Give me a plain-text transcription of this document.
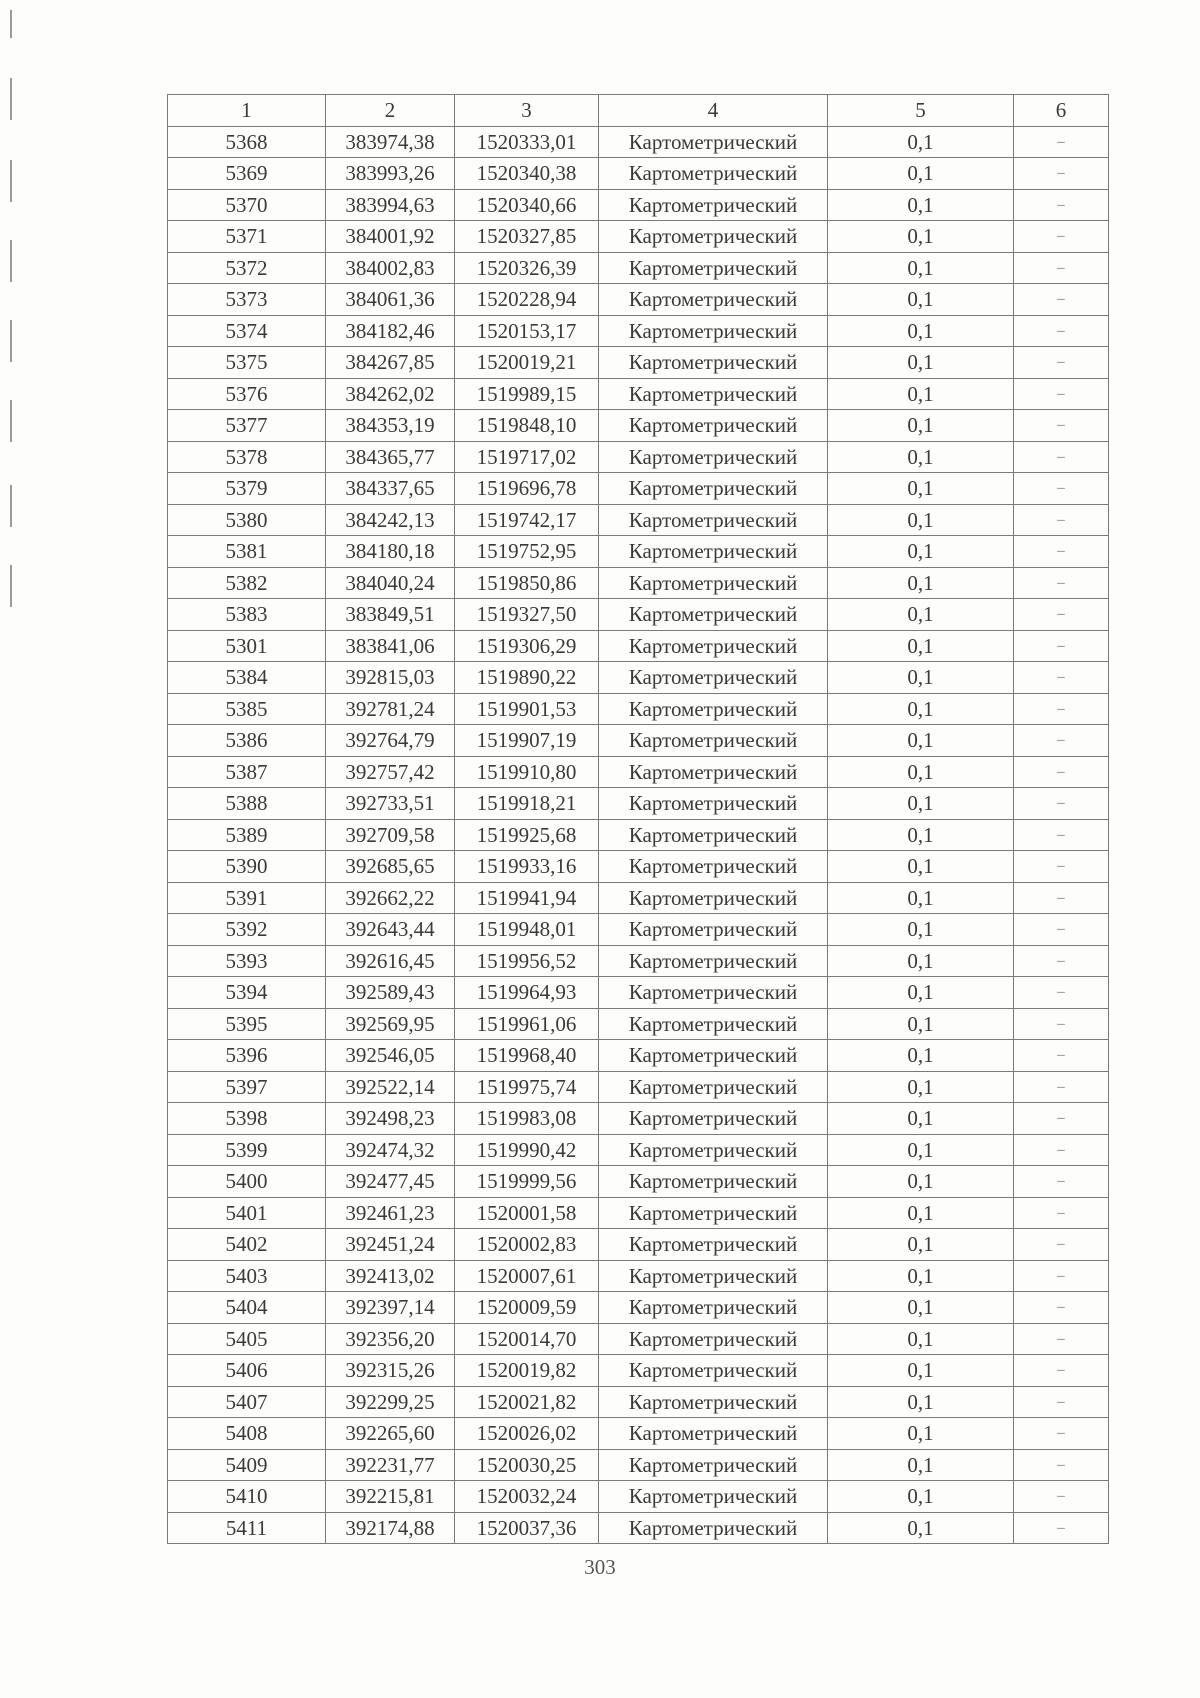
1	2	3	4	5	6
5368	383974,38	1520333,01	Картометрический	0,1	–
5369	383993,26	1520340,38	Картометрический	0,1	–
5370	383994,63	1520340,66	Картометрический	0,1	–
5371	384001,92	1520327,85	Картометрический	0,1	–
5372	384002,83	1520326,39	Картометрический	0,1	–
5373	384061,36	1520228,94	Картометрический	0,1	–
5374	384182,46	1520153,17	Картометрический	0,1	–
5375	384267,85	1520019,21	Картометрический	0,1	–
5376	384262,02	1519989,15	Картометрический	0,1	–
5377	384353,19	1519848,10	Картометрический	0,1	–
5378	384365,77	1519717,02	Картометрический	0,1	–
5379	384337,65	1519696,78	Картометрический	0,1	–
5380	384242,13	1519742,17	Картометрический	0,1	–
5381	384180,18	1519752,95	Картометрический	0,1	–
5382	384040,24	1519850,86	Картометрический	0,1	–
5383	383849,51	1519327,50	Картометрический	0,1	–
5301	383841,06	1519306,29	Картометрический	0,1	–
5384	392815,03	1519890,22	Картометрический	0,1	–
5385	392781,24	1519901,53	Картометрический	0,1	–
5386	392764,79	1519907,19	Картометрический	0,1	–
5387	392757,42	1519910,80	Картометрический	0,1	–
5388	392733,51	1519918,21	Картометрический	0,1	–
5389	392709,58	1519925,68	Картометрический	0,1	–
5390	392685,65	1519933,16	Картометрический	0,1	–
5391	392662,22	1519941,94	Картометрический	0,1	–
5392	392643,44	1519948,01	Картометрический	0,1	–
5393	392616,45	1519956,52	Картометрический	0,1	–
5394	392589,43	1519964,93	Картометрический	0,1	–
5395	392569,95	1519961,06	Картометрический	0,1	–
5396	392546,05	1519968,40	Картометрический	0,1	–
5397	392522,14	1519975,74	Картометрический	0,1	–
5398	392498,23	1519983,08	Картометрический	0,1	–
5399	392474,32	1519990,42	Картометрический	0,1	–
5400	392477,45	1519999,56	Картометрический	0,1	–
5401	392461,23	1520001,58	Картометрический	0,1	–
5402	392451,24	1520002,83	Картометрический	0,1	–
5403	392413,02	1520007,61	Картометрический	0,1	–
5404	392397,14	1520009,59	Картометрический	0,1	–
5405	392356,20	1520014,70	Картометрический	0,1	–
5406	392315,26	1520019,82	Картометрический	0,1	–
5407	392299,25	1520021,82	Картометрический	0,1	–
5408	392265,60	1520026,02	Картометрический	0,1	–
5409	392231,77	1520030,25	Картометрический	0,1	–
5410	392215,81	1520032,24	Картометрический	0,1	–
5411	392174,88	1520037,36	Картометрический	0,1	–
303
